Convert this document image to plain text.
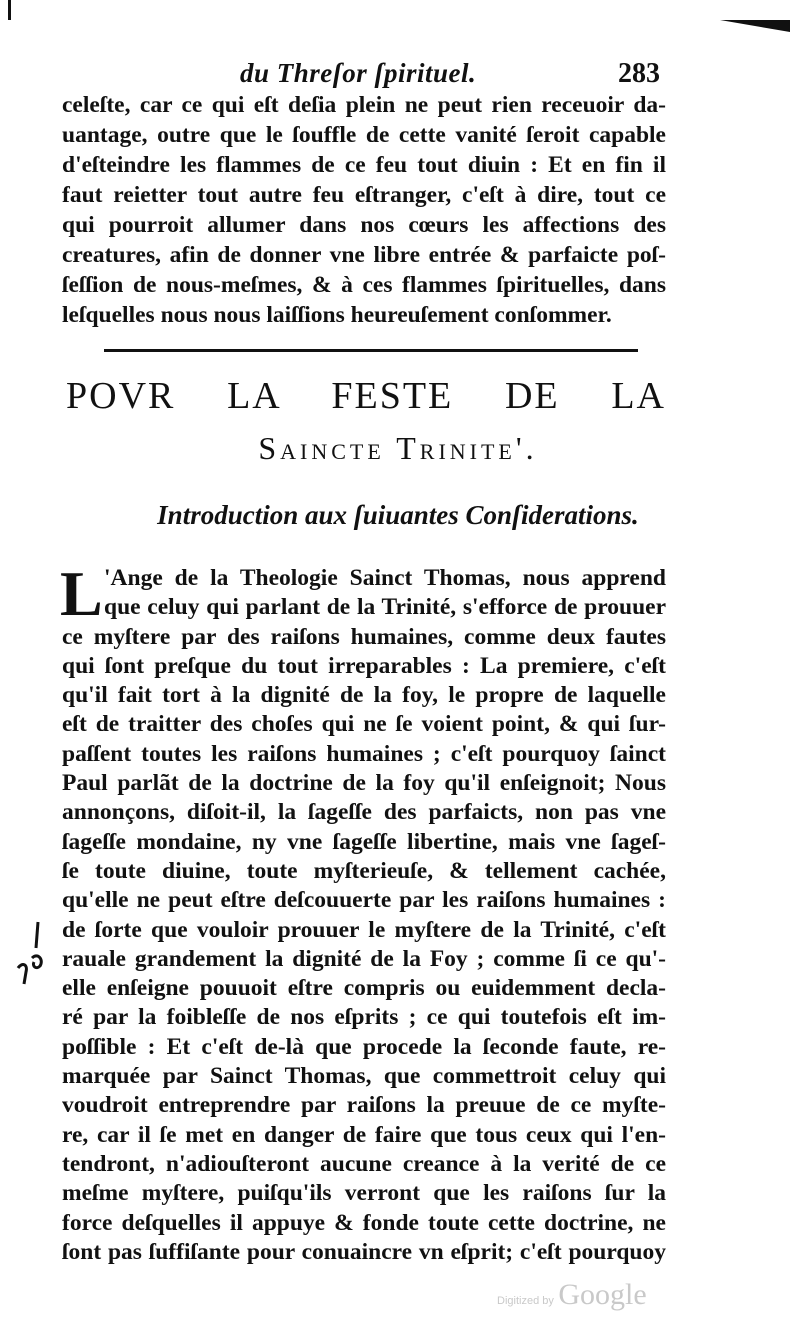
du Threſor ſpirituel.	283
celeſte, car ce qui eſt deſia plein ne peut rien receuoir da-
uantage, outre que le ſouffle de cette vanité ſeroit capable
d'eſteindre les flammes de ce feu tout diuin : Et en fin il
faut reietter tout autre feu eſtranger, c'eſt à dire, tout ce
qui pourroit allumer dans nos cœurs les affections des
creatures, afin de donner vne libre entrée & parfaicte poſ-
ſeſſion de nous-meſmes, & à ces flammes ſpirituelles, dans
leſquelles nous nous laiſſions heureuſement conſommer.
POVR LA FESTE DE LA
Saincte Trinite'.
Introduction aux ſuiuantes Conſiderations.
L 'Ange de la Theologie Sainct Thomas, nous apprend
que celuy qui parlant de la Trinité, s'efforce de prouuer
ce myſtere par des raiſons humaines, comme deux fautes
qui ſont preſque du tout irreparables : La premiere, c'eſt
qu'il fait tort à la dignité de la foy, le propre de laquelle
eſt de traitter des choſes qui ne ſe voient point, & qui ſur-
paſſent toutes les raiſons humaines ; c'eſt pourquoy ſainct
Paul parlãt de la doctrine de la foy qu'il enſeignoit; Nous
annonçons, diſoit-il, la ſageſſe des parfaicts, non pas vne
ſageſſe mondaine, ny vne ſageſſe libertine, mais vne ſageſ-
ſe toute diuine, toute myſterieuſe, & tellement cachée,
qu'elle ne peut eſtre deſcouuerte par les raiſons humaines :
de ſorte que vouloir prouuer le myſtere de la Trinité, c'eſt
rauale grandement la dignité de la Foy ; comme ſi ce qu'-
elle enſeigne pouuoit eſtre compris ou euidemment decla-
ré par la foibleſſe de nos eſprits ; ce qui toutefois eſt im-
poſſible : Et c'eſt de-là que procede la ſeconde faute, re-
marquée par Sainct Thomas, que commettroit celuy qui
voudroit entreprendre par raiſons la preuue de ce myſte-
re, car il ſe met en danger de faire que tous ceux qui l'en-
tendront, n'adiouſteront aucune creance à la verité de ce
meſme myſtere, puiſqu'ils verront que les raiſons ſur la
force deſquelles il appuye & fonde toute cette doctrine, ne
ſont pas ſuffiſante pour conuaincre vn eſprit; c'eſt pourquoy
Digitized by Google
